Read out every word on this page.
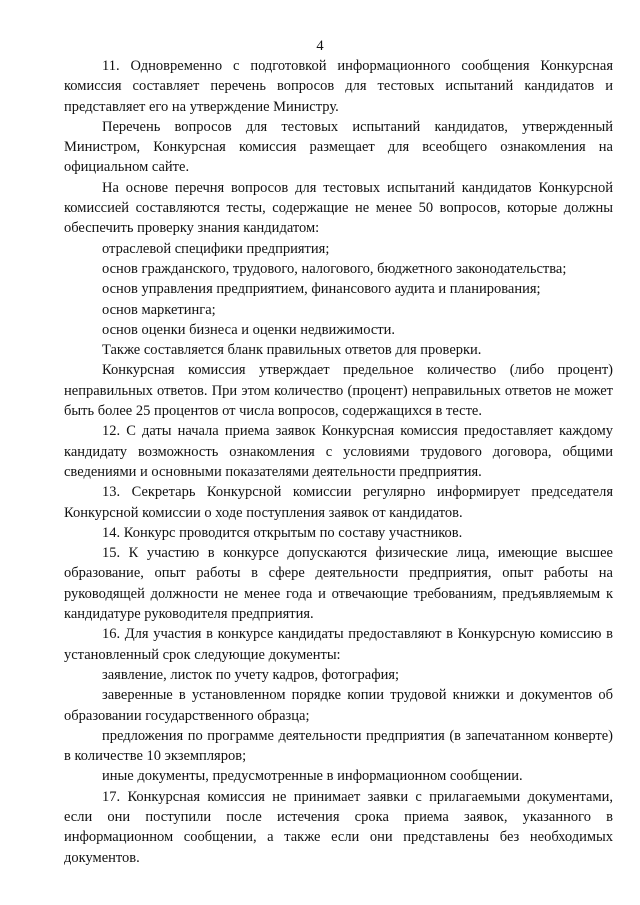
4

11. Одновременно с подготовкой информационного сообщения Конкурсная комиссия составляет перечень вопросов для тестовых испытаний кандидатов и представляет его на утверждение Министру.

Перечень вопросов для тестовых испытаний кандидатов, утвержденный Министром, Конкурсная комиссия размещает для всеобщего ознакомления на официальном сайте.

На основе перечня вопросов для тестовых испытаний кандидатов Конкурсной комиссией составляются тесты, содержащие не менее 50 вопросов, которые должны обеспечить проверку знания кандидатом:

отраслевой специфики предприятия;

основ гражданского, трудового, налогового, бюджетного законодательства;

основ управления предприятием, финансового аудита и планирования;

основ маркетинга;

основ оценки бизнеса и оценки недвижимости.

Также составляется бланк правильных ответов для проверки.

Конкурсная комиссия утверждает предельное количество (либо процент) неправильных ответов. При этом количество (процент) неправильных ответов не может быть более 25 процентов от числа вопросов, содержащихся в тесте.

12. С даты начала приема заявок Конкурсная комиссия предоставляет каждому кандидату возможность ознакомления с условиями трудового договора, общими сведениями и основными показателями деятельности предприятия.

13. Секретарь Конкурсной комиссии регулярно информирует председателя Конкурсной комиссии о ходе поступления заявок от кандидатов.

14. Конкурс проводится открытым по составу участников.

15. К участию в конкурсе допускаются физические лица, имеющие высшее образование, опыт работы в сфере деятельности предприятия, опыт работы на руководящей должности не менее года и отвечающие требованиям, предъявляемым к кандидатуре руководителя предприятия.

16. Для участия в конкурсе кандидаты предоставляют в Конкурсную комиссию в установленный срок следующие документы:

заявление, листок по учету кадров, фотография;

заверенные в установленном порядке копии трудовой книжки и документов об образовании государственного образца;

предложения по программе деятельности предприятия (в запечатанном конверте) в количестве 10 экземпляров;

иные документы, предусмотренные в информационном сообщении.

17. Конкурсная комиссия не принимает заявки с прилагаемыми документами, если они поступили после истечения срока приема заявок, указанного в информационном сообщении, а также если они представлены без необходимых документов.
